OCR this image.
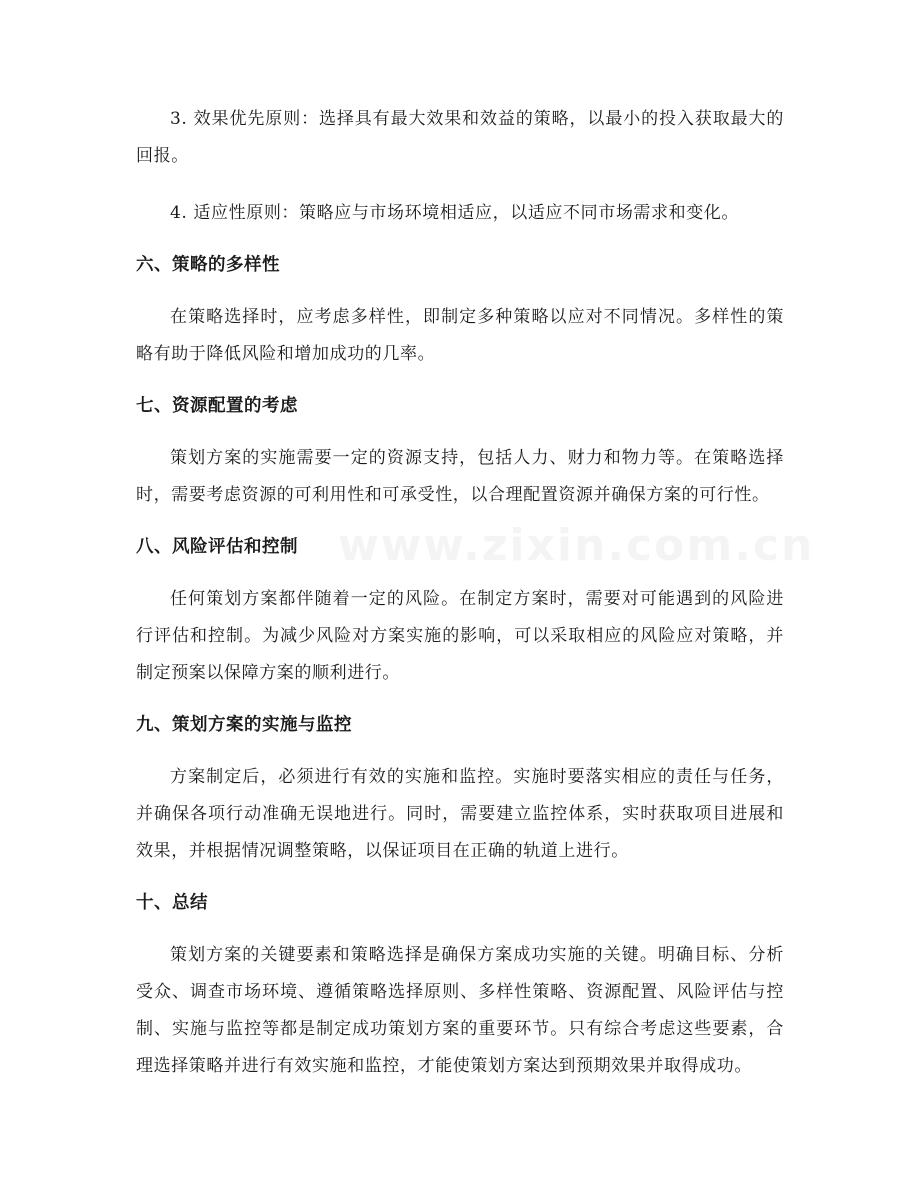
www.zixin.com.cn

3. 效果优先原则：选择具有最大效果和效益的策略，以最小的投入获取最大的回报。

4. 适应性原则：策略应与市场环境相适应，以适应不同市场需求和变化。

六、策略的多样性

在策略选择时，应考虑多样性，即制定多种策略以应对不同情况。多样性的策略有助于降低风险和增加成功的几率。

七、资源配置的考虑

策划方案的实施需要一定的资源支持，包括人力、财力和物力等。在策略选择时，需要考虑资源的可利用性和可承受性，以合理配置资源并确保方案的可行性。

八、风险评估和控制

任何策划方案都伴随着一定的风险。在制定方案时，需要对可能遇到的风险进行评估和控制。为减少风险对方案实施的影响，可以采取相应的风险应对策略，并制定预案以保障方案的顺利进行。

九、策划方案的实施与监控

方案制定后，必须进行有效的实施和监控。实施时要落实相应的责任与任务，并确保各项行动准确无误地进行。同时，需要建立监控体系，实时获取项目进展和效果，并根据情况调整策略，以保证项目在正确的轨道上进行。

十、总结

策划方案的关键要素和策略选择是确保方案成功实施的关键。明确目标、分析受众、调查市场环境、遵循策略选择原则、多样性策略、资源配置、风险评估与控制、实施与监控等都是制定成功策划方案的重要环节。只有综合考虑这些要素，合理选择策略并进行有效实施和监控，才能使策划方案达到预期效果并取得成功。
